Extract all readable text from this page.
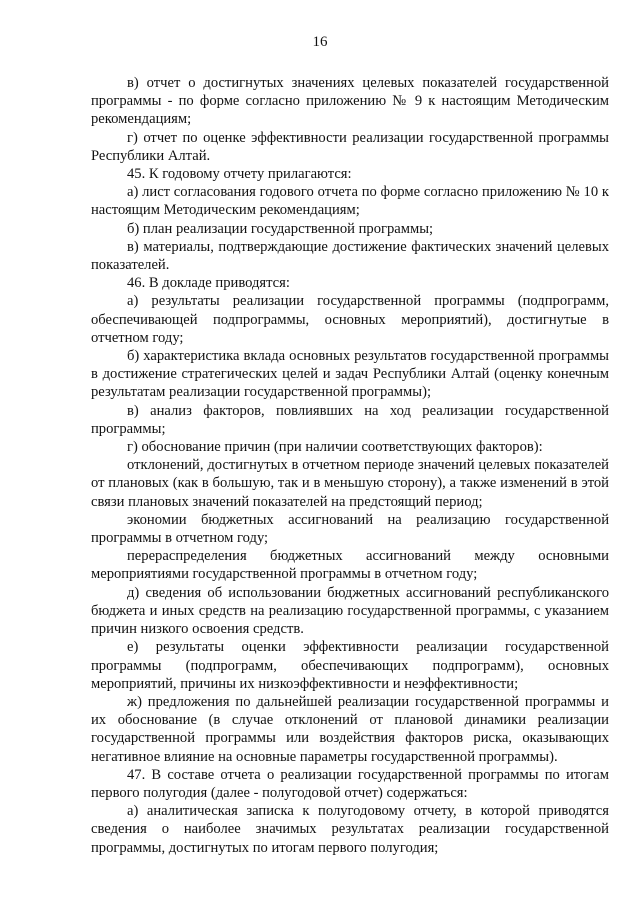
16

в) отчет о достигнутых значениях целевых показателей государственной программы - по форме согласно приложению № 9 к настоящим Методическим рекомендациям;

г) отчет по оценке эффективности реализации государственной программы Республики Алтай.

45. К годовому отчету прилагаются:

а) лист согласования годового отчета по форме согласно приложению № 10 к настоящим Методическим рекомендациям;

б) план реализации государственной программы;

в) материалы, подтверждающие достижение фактических значений целевых показателей.

46. В докладе приводятся:

а) результаты реализации государственной программы (подпрограмм, обеспечивающей подпрограммы, основных мероприятий), достигнутые в отчетном году;

б) характеристика вклада основных результатов государственной программы в достижение стратегических целей и задач Республики Алтай (оценку конечным результатам реализации государственной программы);

в) анализ факторов, повлиявших на ход реализации государственной программы;

г) обоснование причин (при наличии соответствующих факторов):

отклонений, достигнутых в отчетном периоде значений целевых показателей от плановых (как в большую, так и в меньшую сторону), а также изменений в этой связи плановых значений показателей на предстоящий период;

экономии бюджетных ассигнований на реализацию государственной программы в отчетном году;

перераспределения бюджетных ассигнований между основными мероприятиями государственной программы в отчетном году;

д) сведения об использовании бюджетных ассигнований республиканского бюджета и иных средств на реализацию государственной программы, с указанием причин низкого освоения средств.

е) результаты оценки эффективности реализации государственной программы (подпрограмм, обеспечивающих подпрограмм), основных мероприятий, причины их низкоэффективности и неэффективности;

ж) предложения по дальнейшей реализации государственной программы и их обоснование (в случае отклонений от плановой динамики реализации государственной программы или воздействия факторов риска, оказывающих негативное влияние на основные параметры государственной программы).

47. В составе отчета о реализации государственной программы по итогам первого полугодия (далее - полугодовой отчет) содержаться:

а) аналитическая записка к полугодовому отчету, в которой приводятся сведения о наиболее значимых результатах реализации государственной программы, достигнутых по итогам первого полугодия;
